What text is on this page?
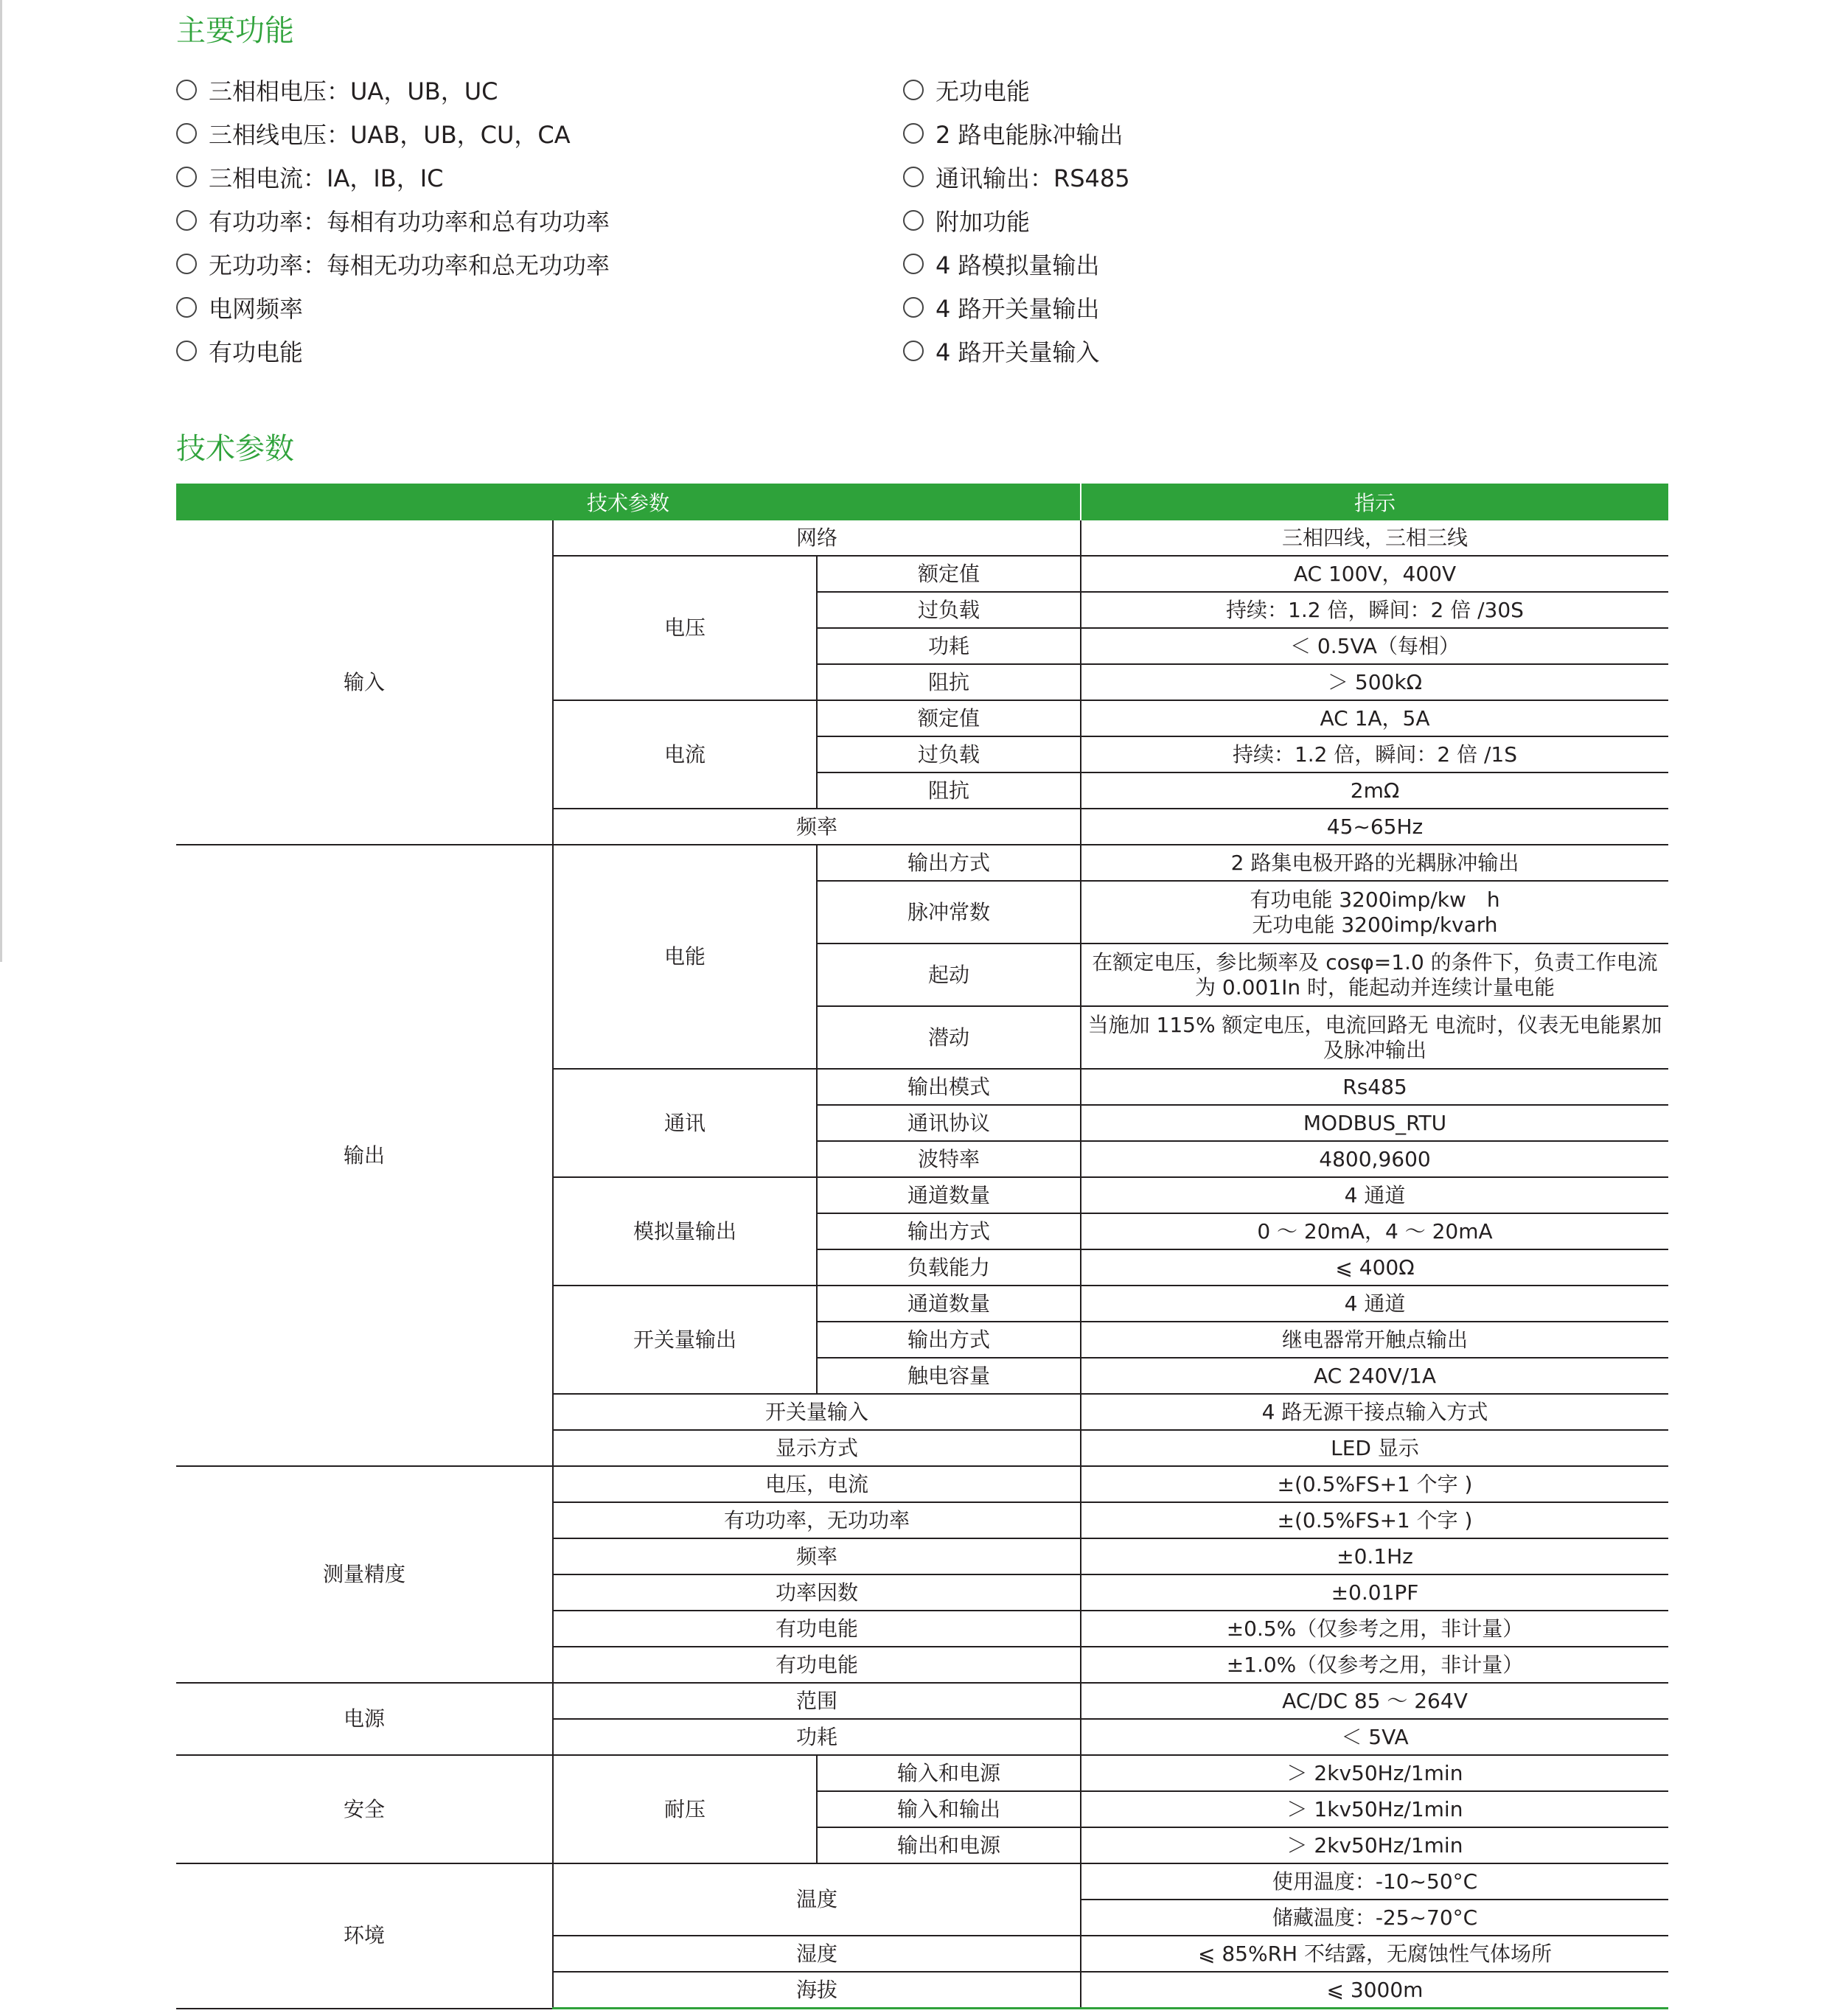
主要功能
三相相电压：UA，UB，UC
三相线电压：UAB，UB，CU，CA
三相电流：IA，IB，IC
有功功率：每相有功功率和总有功功率
无功功率：每相无功功率和总无功功率
电网频率
有功电能
无功电能
2 路电能脉冲输出
通讯输出：RS485
附加功能
4 路模拟量输出
4 路开关量输出
4 路开关量输入
技术参数
技术参数			指示
输入	网络		三相四线，三相三线
	电压	额定值	AC 100V，400V
		过负载	持续：1.2 倍，瞬间：2 倍 /30S
		功耗	＜ 0.5VA（每相）
		阻抗	＞ 500kΩ
	电流	额定值	AC 1A，5A
		过负载	持续：1.2 倍，瞬间：2 倍 /1S
		阻抗	2mΩ
	频率		45~65Hz
输出	电能	输出方式	2 路集电极开路的光耦脉冲输出
		脉冲常数	有功电能 3200imp/kw　h
无功电能 3200imp/kvarh

		起动	在额定电压，参比频率及 cosφ=1.0 的条件下，负责工作电流为 0.001In 时，能起动并连续计量电能
		潜动	当施加 115% 额定电压，电流回路无 电流时，仪表无电能累加及脉冲输出
	通讯	输出模式	Rs485
		通讯协议	MODBUS_RTU
		波特率	4800,9600
	模拟量输出	通道数量	4 通道
		输出方式	0 ～ 20mA，4 ～ 20mA
		负载能力	⩽ 400Ω
	开关量输出	通道数量	4 通道
		输出方式	继电器常开触点输出
		触电容量	AC 240V/1A
	开关量输入		4 路无源干接点输入方式
	显示方式		LED 显示
测量精度	电压，电流		±(0.5%FS+1 个字 )
	有功功率，无功功率		±(0.5%FS+1 个字 )
	频率		±0.1Hz
	功率因数		±0.01PF
	有功电能		±0.5%（仅参考之用，非计量）
	有功电能		±1.0%（仅参考之用，非计量）
电源	范围		AC/DC 85 ～ 264V
	功耗		＜ 5VA
安全	耐压	输入和电源	＞ 2kv50Hz/1min
		输入和输出	＞ 1kv50Hz/1min
		输出和电源	＞ 2kv50Hz/1min
环境	温度		使用温度：-10~50°C
			储藏温度：-25~70°C
	湿度		⩽ 85%RH 不结露，无腐蚀性气体场所
	海拔		⩽ 3000m
